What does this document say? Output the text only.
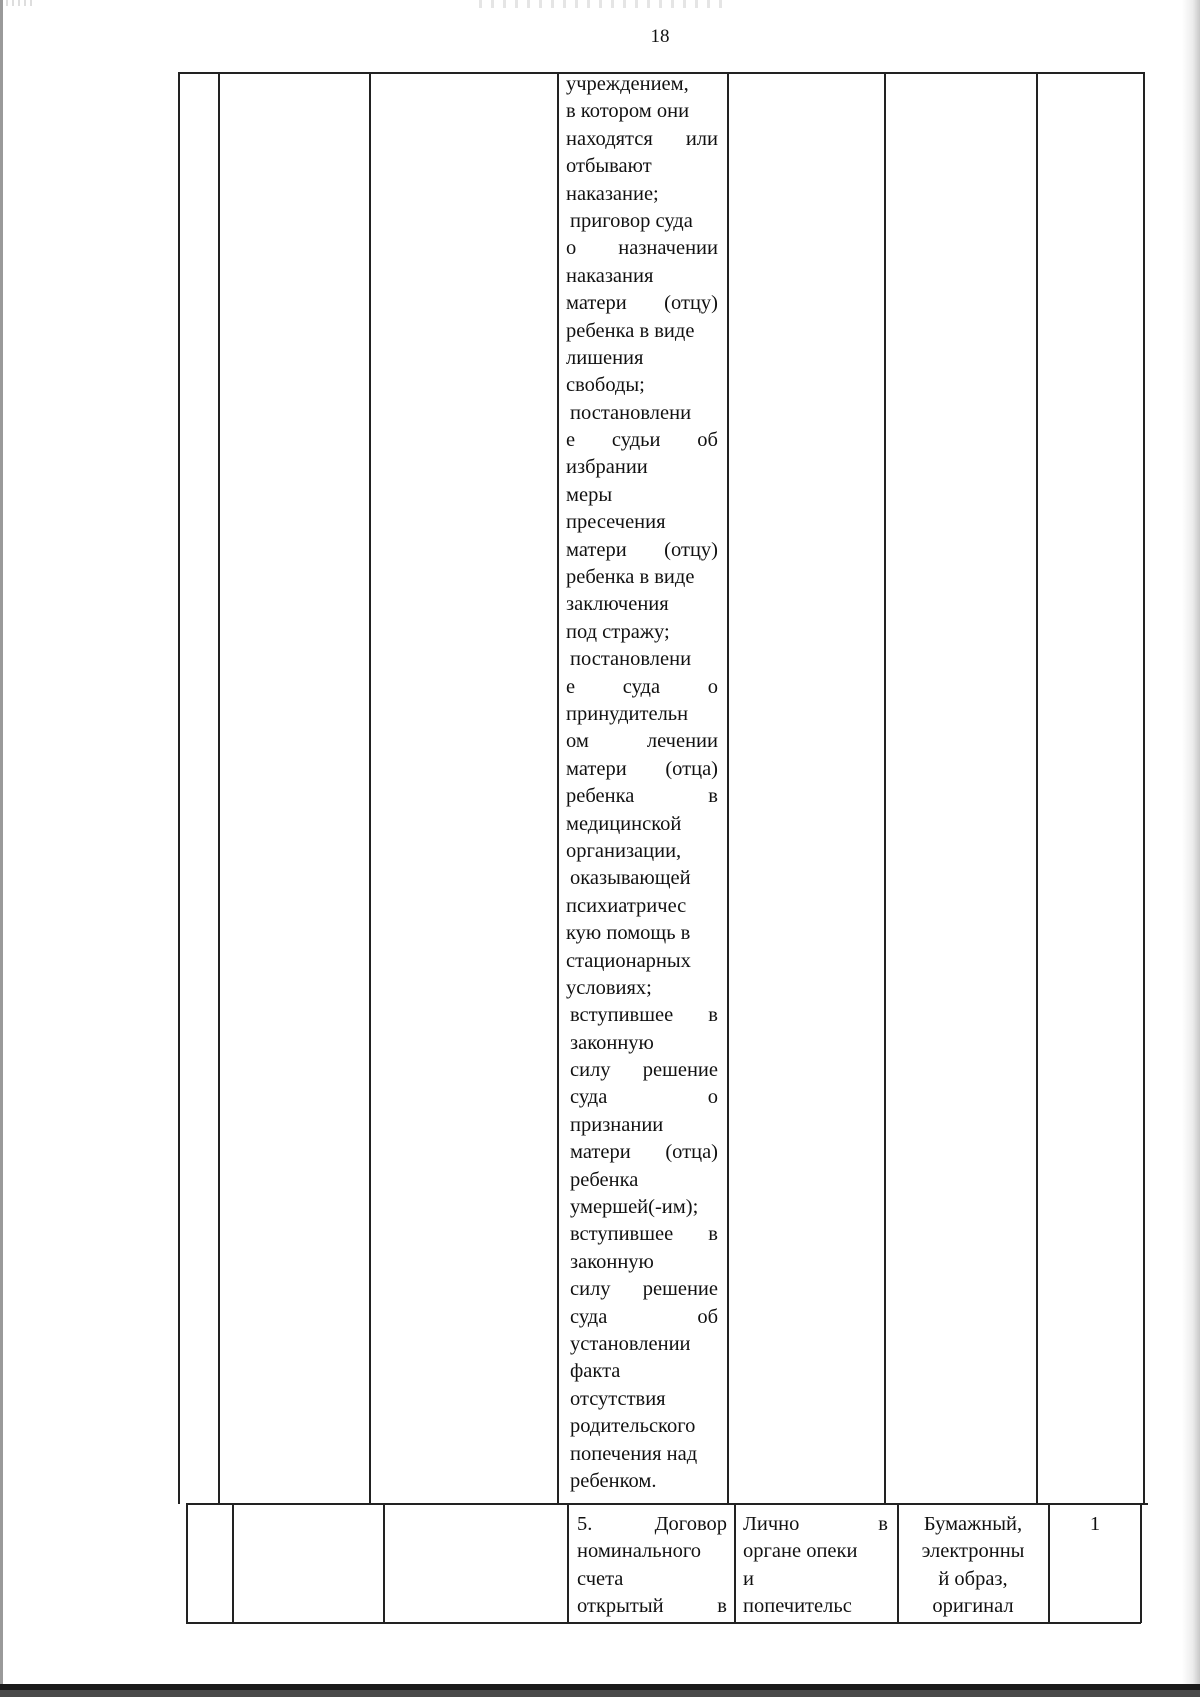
18
учреждением,
в котором они
находятся или
отбывают
наказание;
приговор суда
о назначении
наказания
матери (отцу)
ребенка в виде
лишения
свободы;
постановлени
е судьи об
избрании
меры
пресечения
матери (отцу)
ребенка в виде
заключения
под стражу;
постановлени
е суда о
принудительн
ом лечении
матери (отца)
ребенка в
медицинской
организации,
оказывающей
психиатричес
кую помощь в
стационарных
условиях;
вступившее в
законную
силу решение
суда о
признании
матери (отца)
ребенка
умершей(-им);
вступившее в
законную
силу решение
суда об
установлении
факта
отсутствия
родительского
попечения над
ребенком.
5. Договор
номинального
счета
открытый в
Лично в
органе опеки
и
попечительс
Бумажный,
электронны
й образ,
оригинал
1
